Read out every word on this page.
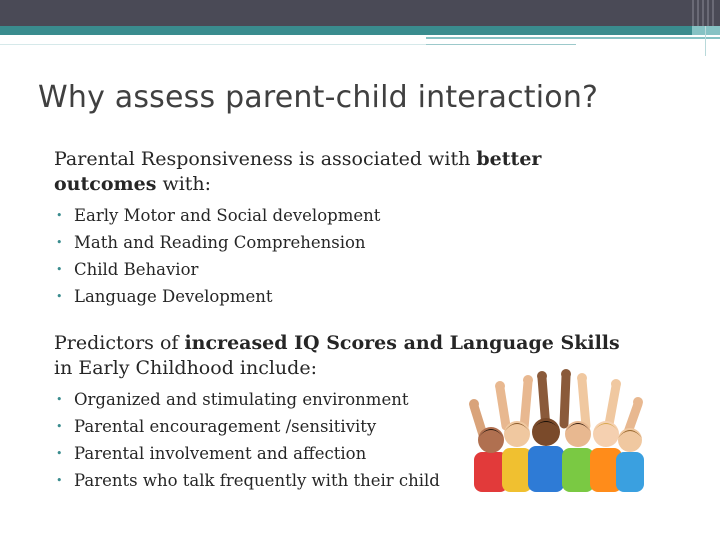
Why assess parent-child interaction?

Parental Responsiveness is associated with better outcomes with:

• Early Motor and Social development
• Math and Reading Comprehension
• Child Behavior
• Language Development

Predictors of increased IQ Scores and Language Skills in Early Childhood include:

• Organized and stimulating environment
• Parental encouragement /sensitivity
• Parental involvement and affection
• Parents who talk frequently with their child
